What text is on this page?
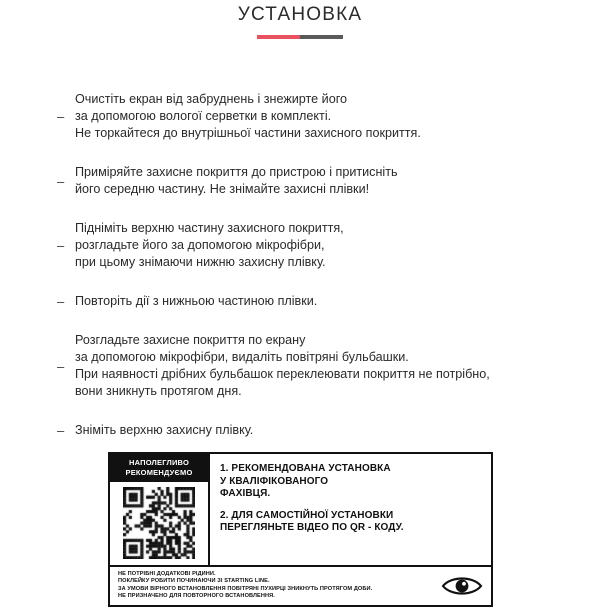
УСТАНОВКА
–
Очистіть екран від забруднень і знежирте його
за допомогою вологої серветки в комплекті.
Не торкайтеся до внутрішньої частини захисного покриття.
–
Приміряйте захисне покриття до пристрою і притисніть
його середню частину. Не знімайте захисні плівки!
–
Підніміть верхню частину захисного покриття,
розгладьте його за допомогою мікрофібри,
при цьому знімаючи нижню захисну плівку.
– Повторіть дії з нижньою частиною плівки.
–
Розгладьте захисне покриття по екрану
за допомогою мікрофібри, видаліть повітряні бульбашки.
При наявності дрібних бульбашок переклеювати покриття не потрібно,
вони зникнуть протягом дня.
– Зніміть верхню захисну плівку.
НАПОЛЕГЛИВО
РЕКОМЕНДУЄМО	1. РЕКОМЕНДОВАНА УСТАНОВКА
У КВАЛІФІКОВАНОГО
ФАХІВЦЯ.
2. ДЛЯ САМОСТІЙНОЇ УСТАНОВКИ
ПЕРЕГЛЯНЬТЕ ВІДЕО ПО QR - КОДУ.
НЕ ПОТРІБНІ ДОДАТКОВІ РІДИНИ.
ПОКЛЕЙКУ РОБИТИ ПОЧИНАЮЧИ ЗІ STARTING LINE.
ЗА УМОВИ ВІРНОГО ВСТАНОВЛЕННЯ ПОВІТРЯНІ ПУХИРЦІ ЗНИКНУТЬ ПРОТЯГОМ ДОБИ.
НЕ ПРИЗНАЧЕНО ДЛЯ ПОВТОРНОГО ВСТАНОВЛЕННЯ.
